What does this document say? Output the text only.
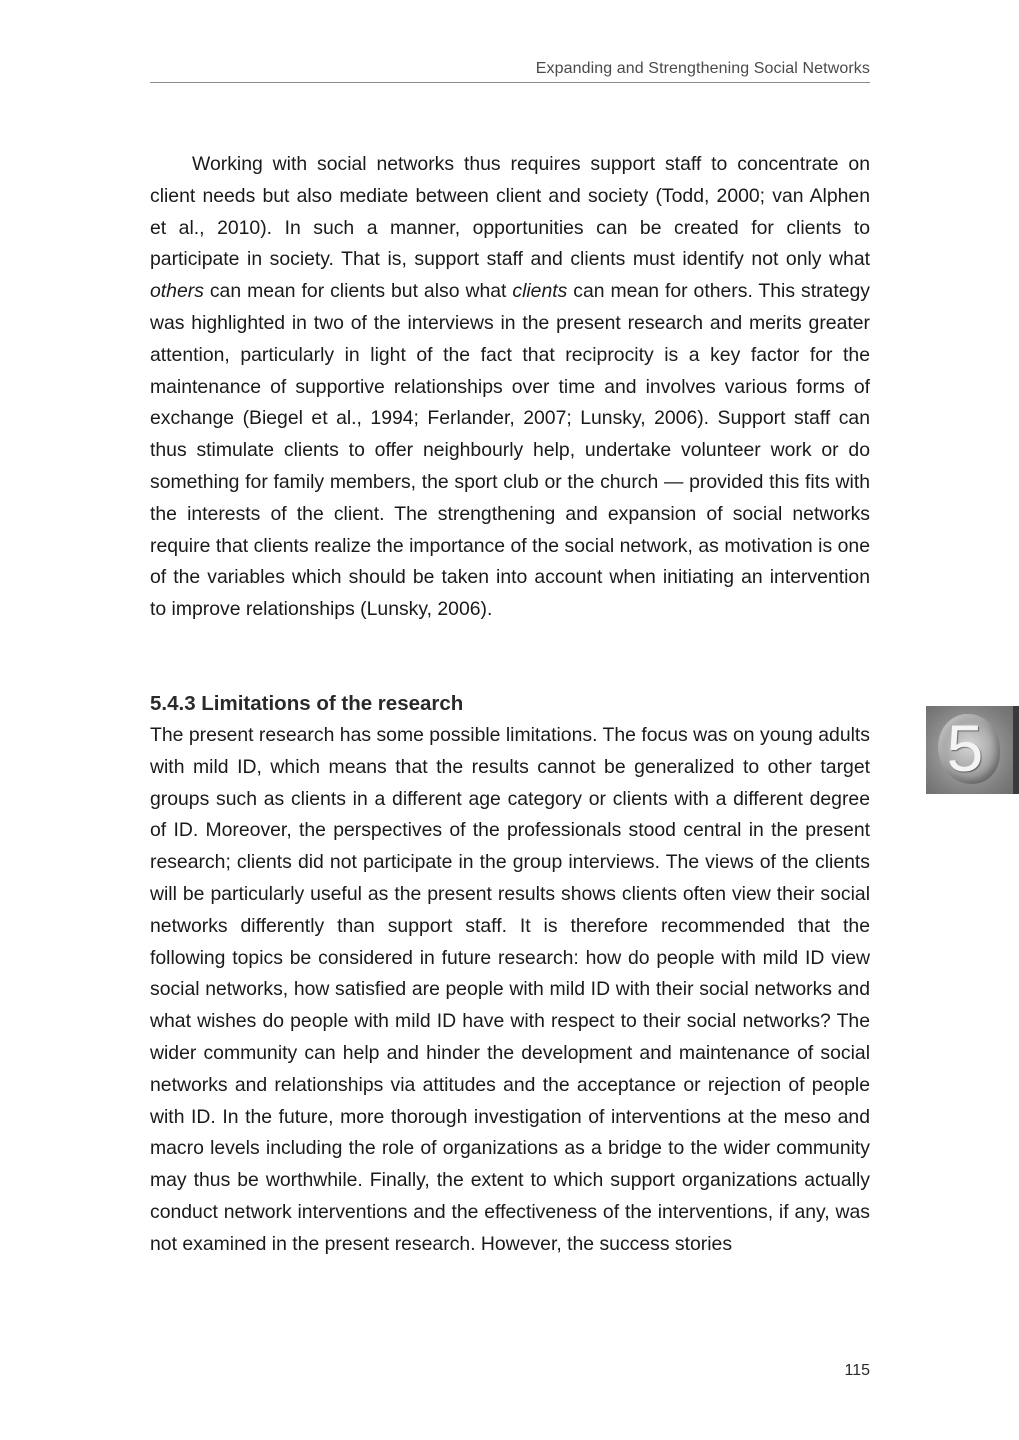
Expanding and Strengthening Social Networks

Working with social networks thus requires support staff to concentrate on client needs but also mediate between client and society (Todd, 2000; van Alphen et al., 2010). In such a manner, opportunities can be created for clients to participate in society. That is, support staff and clients must identify not only what others can mean for clients but also what clients can mean for others. This strategy was highlighted in two of the interviews in the present research and merits greater attention, particularly in light of the fact that reciprocity is a key factor for the maintenance of supportive relationships over time and involves various forms of exchange (Biegel et al., 1994; Ferlander, 2007; Lunsky, 2006). Support staff can thus stimulate clients to offer neighbourly help, undertake volunteer work or do something for family members, the sport club or the church — provided this fits with the interests of the client. The strengthening and expansion of social networks require that clients realize the importance of the social network, as motivation is one of the variables which should be taken into account when initiating an intervention to improve relationships (Lunsky, 2006).

5.4.3 Limitations of the research

The present research has some possible limitations. The focus was on young adults with mild ID, which means that the results cannot be generalized to other target groups such as clients in a different age category or clients with a different degree of ID. Moreover, the perspectives of the professionals stood central in the present research; clients did not participate in the group interviews. The views of the clients will be particularly useful as the present results shows clients often view their social networks differently than support staff. It is therefore recommended that the following topics be considered in future research: how do people with mild ID view social networks, how satisfied are people with mild ID with their social networks and what wishes do people with mild ID have with respect to their social networks? The wider community can help and hinder the development and maintenance of social networks and relationships via attitudes and the acceptance or rejection of people with ID. In the future, more thorough investigation of interventions at the meso and macro levels including the role of organizations as a bridge to the wider community may thus be worthwhile. Finally, the extent to which support organizations actually conduct network interventions and the effectiveness of the interventions, if any, was not examined in the present research. However, the success stories

5
115
